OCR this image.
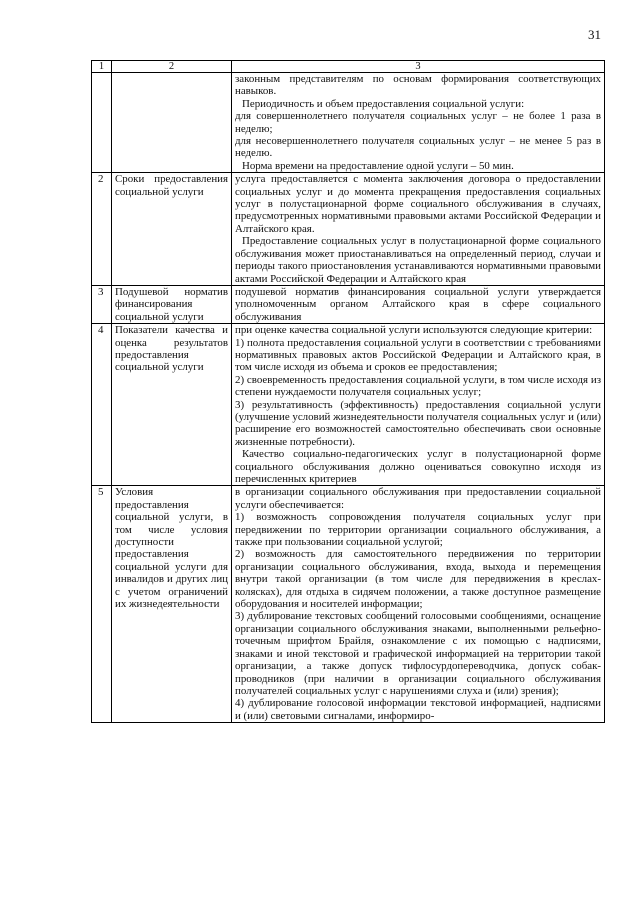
31
1	2	3

		законным представителям по основам формирования соответствующих навыков.

Периодичность и объем предоставления социальной услуги:

для совершеннолетнего получателя социальных услуг – не более 1 раза в неделю;

для несовершеннолетнего получателя социальных услуг – не менее 5 раз в неделю.

Норма времени на предоставление одной услуги – 50 мин.

2	Сроки предоставления социальной услуги	услуга предоставляется с момента заключения договора о предоставлении социальных услуг и до момента прекращения предоставления социальных услуг в полустационарной форме социального обслуживания в случаях, предусмотренных нормативными правовыми актами Российской Федерации и Алтайского края.

Предоставление социальных услуг в полустационарной форме социального обслуживания может приостанавливаться на определенный период, случаи и периоды такого приостановления устанавливаются нормативными правовыми актами Российской Федерации и Алтайского края

3	Подушевой норматив финансирования социальной услуги	подушевой норматив финансирования социальной услуги утверждается уполномоченным органом Алтайского края в сфере социального обслуживания

4	Показатели качества и оценка результатов предоставления социальной услуги	при оценке качества социальной услуги используются следующие критерии:

1) полнота предоставления социальной услуги в соответствии с требованиями нормативных правовых актов Российской Федерации и Алтайского края, в том числе исходя из объема и сроков ее предоставления;

2) своевременность предоставления социальной услуги, в том числе исходя из степени нуждаемости получателя социальных услуг;

3) результативность (эффективность) предоставления социальной услуги (улучшение условий жизнедеятельности получателя социальных услуг и (или) расширение его возможностей самостоятельно обеспечивать свои основные жизненные потребности).

Качество социально-педагогических услуг в полустационарной форме социального обслуживания должно оцениваться совокупно исходя из перечисленных критериев

5	Условия предоставления социальной услуги, в том числе условия доступности предоставления социальной услуги для инвалидов и других лиц с учетом ограничений их жизнедеятельности	в организации социального обслуживания при предоставлении социальной услуги обеспечивается:

1) возможность сопровождения получателя социальных услуг при передвижении по территории организации социального обслуживания, а также при пользовании социальной услугой;

2) возможность для самостоятельного передвижения по территории организации социального обслуживания, входа, выхода и перемещения внутри такой организации (в том числе для передвижения в креслах-колясках), для отдыха в сидячем положении, а также доступное размещение оборудования и носителей информации;

3) дублирование текстовых сообщений голосовыми сообщениями, оснащение организации социального обслуживания знаками, выполненными рельефно-точечным шрифтом Брайля, ознакомление с их помощью с надписями, знаками и иной текстовой и графической информацией на территории такой организации, а также допуск тифлосурдопереводчика, допуск собак-проводников (при наличии в организации социального обслуживания получателей социальных услуг с нарушениями слуха и (или) зрения);

4) дублирование голосовой информации текстовой информацией, надписями и (или) световыми сигналами, информиро-
